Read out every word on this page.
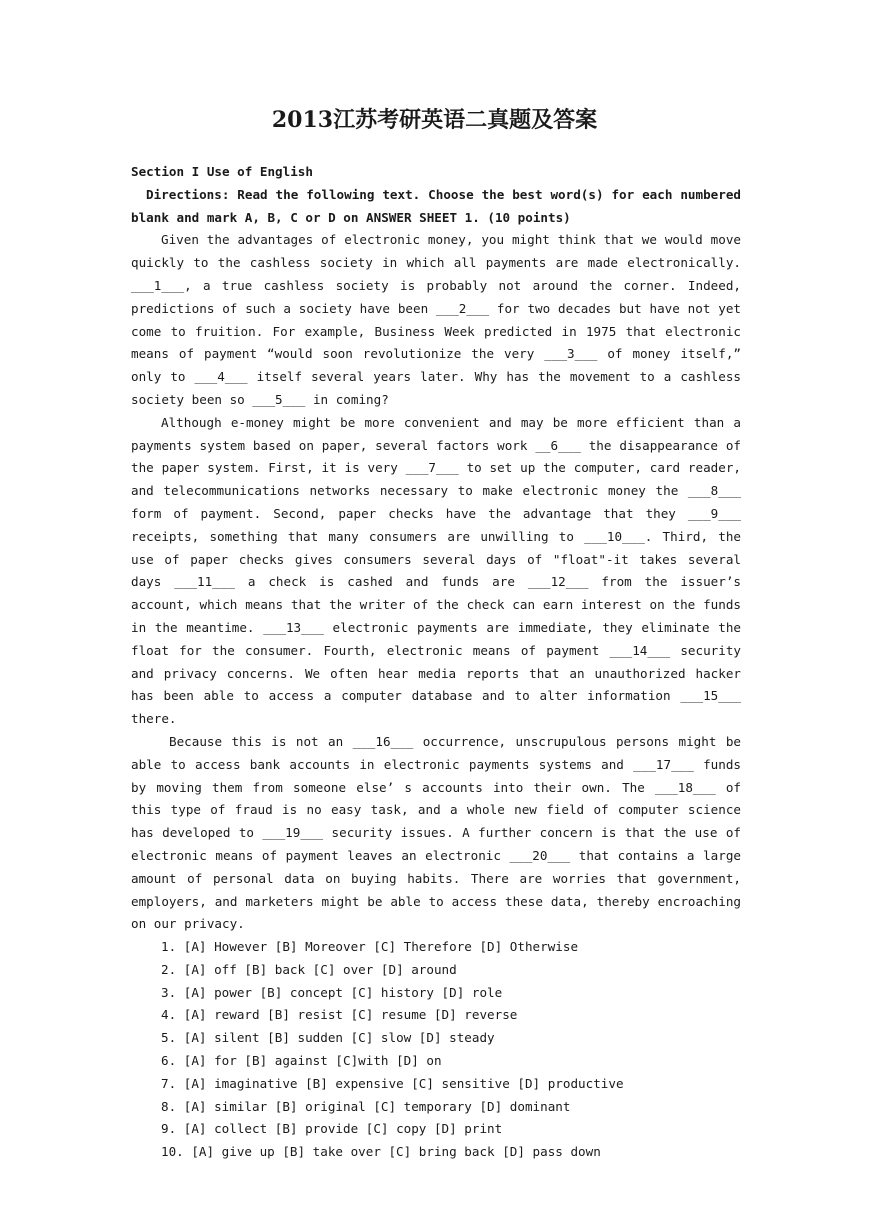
2013江苏考研英语二真题及答案

Section I Use of English

Directions: Read the following text. Choose the best word(s) for each numbered blank and mark A, B, C or D on ANSWER SHEET 1. (10 points)

Given the advantages of electronic money, you might think that we would move quickly to the cashless society in which all payments are made electronically. ___1___, a true cashless society is probably not around the corner. Indeed, predictions of such a society have been ___2___ for two decades but have not yet come to fruition. For example, Business Week predicted in 1975 that electronic means of payment “would soon revolutionize the very ___3___ of money itself,” only to ___4___ itself several years later. Why has the movement to a cashless society been so ___5___ in coming?

Although e-money might be more convenient and may be more efficient than a payments system based on paper, several factors work __6___ the disappearance of the paper system. First, it is very ___7___ to set up the computer, card reader, and telecommunications networks necessary to make electronic money the ___8___ form of payment. Second, paper checks have the advantage that they ___9___ receipts, something that many consumers are unwilling to ___10___. Third, the use of paper checks gives consumers several days of "float"-it takes several days ___11___ a check is cashed and funds are ___12___ from the issuer’s account, which means that the writer of the check can earn interest on the funds in the meantime. ___13___ electronic payments are immediate, they eliminate the float for the consumer. Fourth, electronic means of payment ___14___ security and privacy concerns. We often hear media reports that an unauthorized hacker has been able to access a computer database and to alter information ___15___ there.

Because this is not an ___16___ occurrence, unscrupulous persons might be able to access bank accounts in electronic payments systems and ___17___ funds by moving them from someone else’ s accounts into their own. The ___18___ of this type of fraud is no easy task, and a whole new field of computer science has developed to ___19___ security issues. A further concern is that the use of electronic means of payment leaves an electronic ___20___ that contains a large amount of personal data on buying habits. There are worries that government, employers, and marketers might be able to access these data, thereby encroaching on our privacy.

1. [A] However [B] Moreover [C] Therefore [D] Otherwise
2. [A] off [B] back [C] over [D] around
3. [A] power [B] concept [C] history [D] role
4. [A] reward [B] resist [C] resume [D] reverse
5. [A] silent [B] sudden [C] slow [D] steady
6. [A] for [B] against [C]with [D] on
7. [A] imaginative [B] expensive [C] sensitive [D] productive
8. [A] similar [B] original [C] temporary [D] dominant
9. [A] collect [B] provide [C] copy [D] print
10. [A] give up [B] take over [C] bring back [D] pass down
